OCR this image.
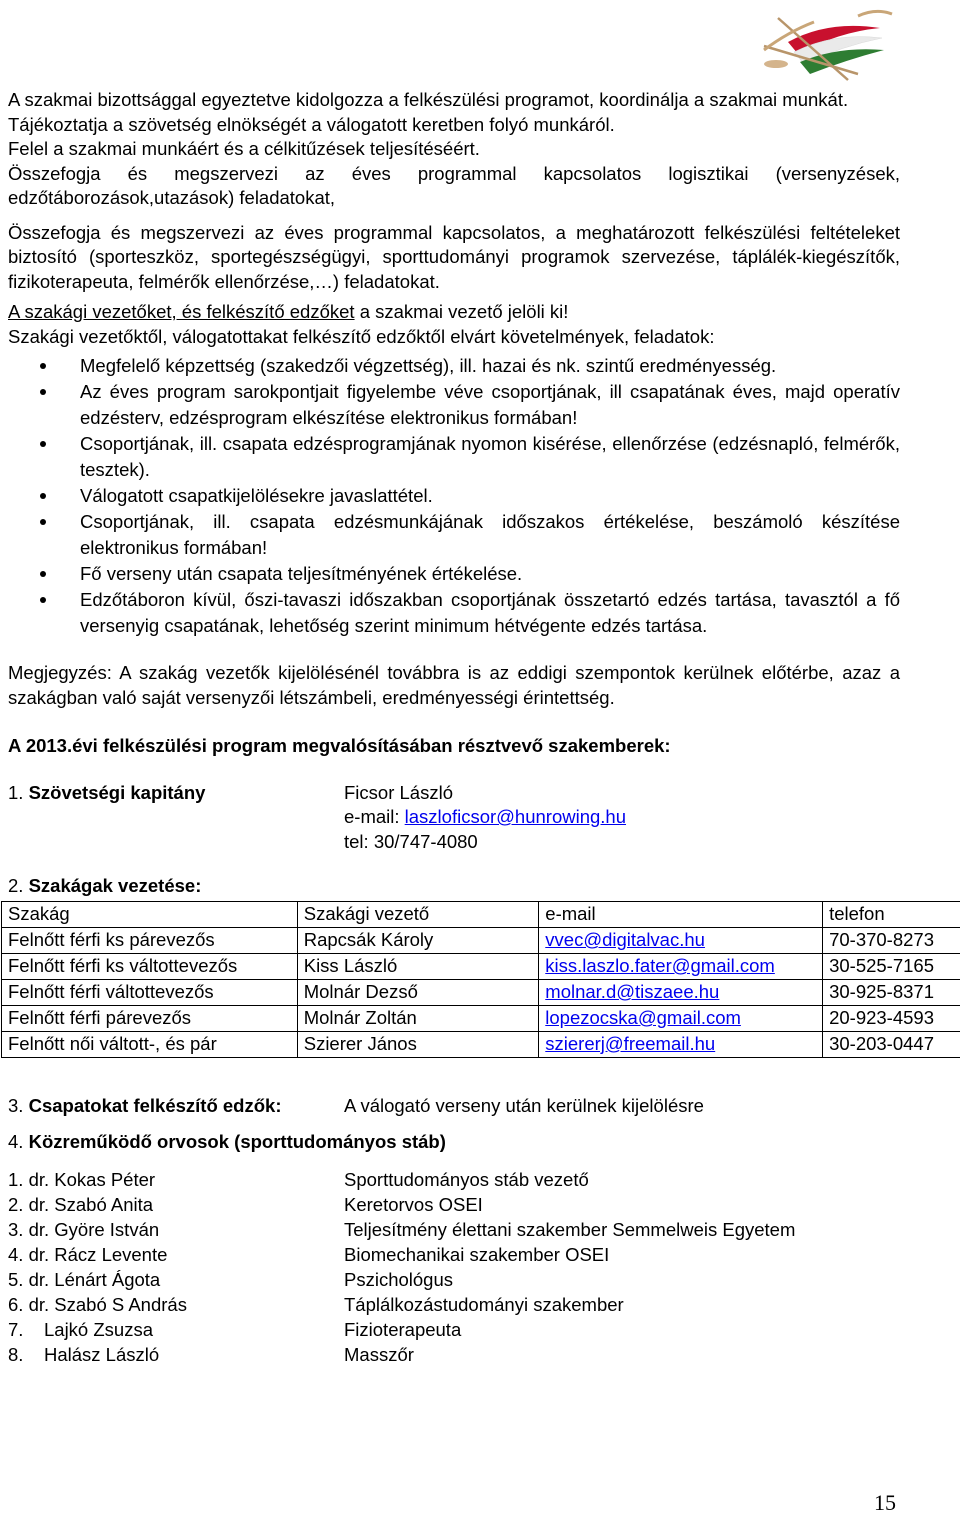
A szakmai bizottsággal egyeztetve kidolgozza a felkészülési programot, koordinálja a szakmai munkát.

Tájékoztatja a szövetség elnökségét a válogatott keretben folyó munkáról.

Felel a szakmai munkáért és a célkitűzések teljesítéséért.

Összefogja és megszervezi az éves programmal kapcsolatos logisztikai (versenyzések, edzőtáborozások,utazások) feladatokat,

Összefogja és megszervezi az éves programmal kapcsolatos, a meghatározott felkészülési feltételeket biztosító (sporteszköz, sportegészségügyi, sporttudományi programok szervezése, táplálék-kiegészítők, fizikoterapeuta, felmérők ellenőrzése,…) feladatokat.

A szakági vezetőket, és felkészítő edzőket a szakmai vezető jelöli ki!

Szakági vezetőktől, válogatottakat felkészítő edzőktől elvárt követelmények, feladatok:

Megfelelő képzettség (szakedzői végzettség), ill. hazai és nk. szintű eredményesség.
Az éves program sarokpontjait figyelembe véve csoportjának, ill csapatának éves, majd operatív edzésterv, edzésprogram elkészítése elektronikus formában!
Csoportjának, ill. csapata edzésprogramjának nyomon kisérése, ellenőrzése (edzésnapló, felmérők, tesztek).
Válogatott csapatkijelölésekre javaslattétel.
Csoportjának, ill. csapata edzésmunkájának időszakos értékelése, beszámoló készítése elektronikus formában!
Fő verseny után csapata teljesítményének értékelése.
Edzőtáboron kívül, őszi-tavaszi időszakban csoportjának összetartó edzés tartása, tavasztól a fő versenyig csapatának, lehetőség szerint minimum hétvégente edzés tartása.

Megjegyzés: A szakág vezetők kijelölésénél továbbra is az eddigi szempontok kerülnek előtérbe, azaz a szakágban való saját versenyzői létszámbeli, eredményességi érintettség.

A 2013.évi felkészülési program megvalósításában résztvevő szakemberek:

1. Szövetségi kapitány	Ficsor László
e-mail: laszloficsor@hunrowing.hu
tel: 30/747-4080
2. Szakágak vezetése:
Szakág	Szakági vezető	e-mail	telefon
Felnőtt férfi ks párevezős	Rapcsák Károly	vvec@digitalvac.hu	70-370-8273
Felnőtt férfi ks váltottevezős	Kiss László	kiss.laszlo.fater@gmail.com	30-525-7165
Felnőtt férfi váltottevezős	Molnár Dezső	molnar.d@tiszaee.hu	30-925-8371
Felnőtt férfi párevezős	Molnár Zoltán	lopezocska@gmail.com	20-923-4593
Felnőtt női váltott-, és pár	Szierer János	sziererj@freemail.hu	30-203-0447
3. Csapatokat felkészítő edzők:	A válogató verseny után kerülnek kijelölésre
4. Közreműködő orvosok (sporttudományos stáb)
1. dr. Kokas Péter	Sporttudományos stáb vezető
2. dr. Szabó Anita	Keretorvos OSEI
3. dr. Györe István	Teljesítmény élettani szakember Semmelweis Egyetem
4. dr. Rácz Levente	Biomechanikai szakember OSEI
5. dr. Lénárt Ágota	Pszichológus
6. dr. Szabó S András	Táplálkozástudományi szakember
7.    Lajkó Zsuzsa	Fizioterapeuta
8.    Halász László	Masszőr
15
